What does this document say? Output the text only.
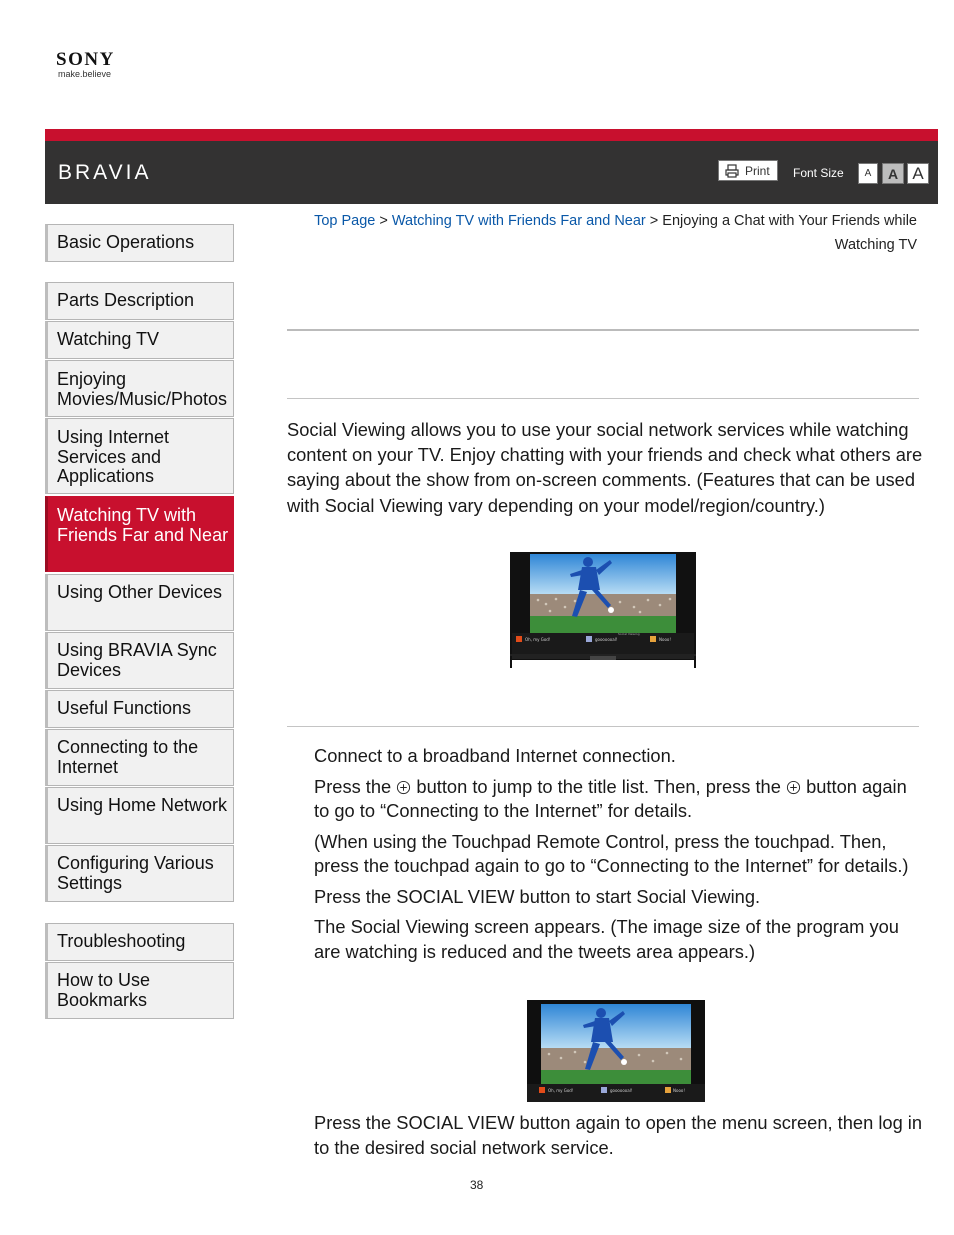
SONY
make.believe
BRAVIA	Print Font Size	A	A A
Basic Operations
Parts Description
Watching TV
Enjoying Movies/Music/Photos
Using Internet Services and Applications
Watching TV with Friends Far and Near
Using Other Devices
Using BRAVIA Sync Devices
Useful Functions
Connecting to the Internet
Using Home Network
Configuring Various Settings
Troubleshooting
How to Use Bookmarks
Top Page > Watching TV with Friends Far and Near > Enjoying a Chat with Your Friends while Watching TV
Social Viewing allows you to use your social network services while watching content on your TV. Enjoy chatting with your friends and check what others are saying about the show from on-screen comments. (Features that can be used with Social Viewing vary depending on your model/region/country.)
Oh, my God!	gooooooal!	Nooo!
Social Viewing

Connect to a broadband Internet connection.

Press the button to jump to the title list. Then, press the button again to go to “Connecting to the Internet” for details.

(When using the Touchpad Remote Control, press the touchpad. Then, press the touchpad again to go to “Connecting to the Internet” for details.)

Press the SOCIAL VIEW button to start Social Viewing.

The Social Viewing screen appears. (The image size of the program you are watching is reduced and the tweets area appears.)

Oh, my God!	gooooooal!	Nooo!

Press the SOCIAL VIEW button again to open the menu screen, then log in to the desired social network service.

38
